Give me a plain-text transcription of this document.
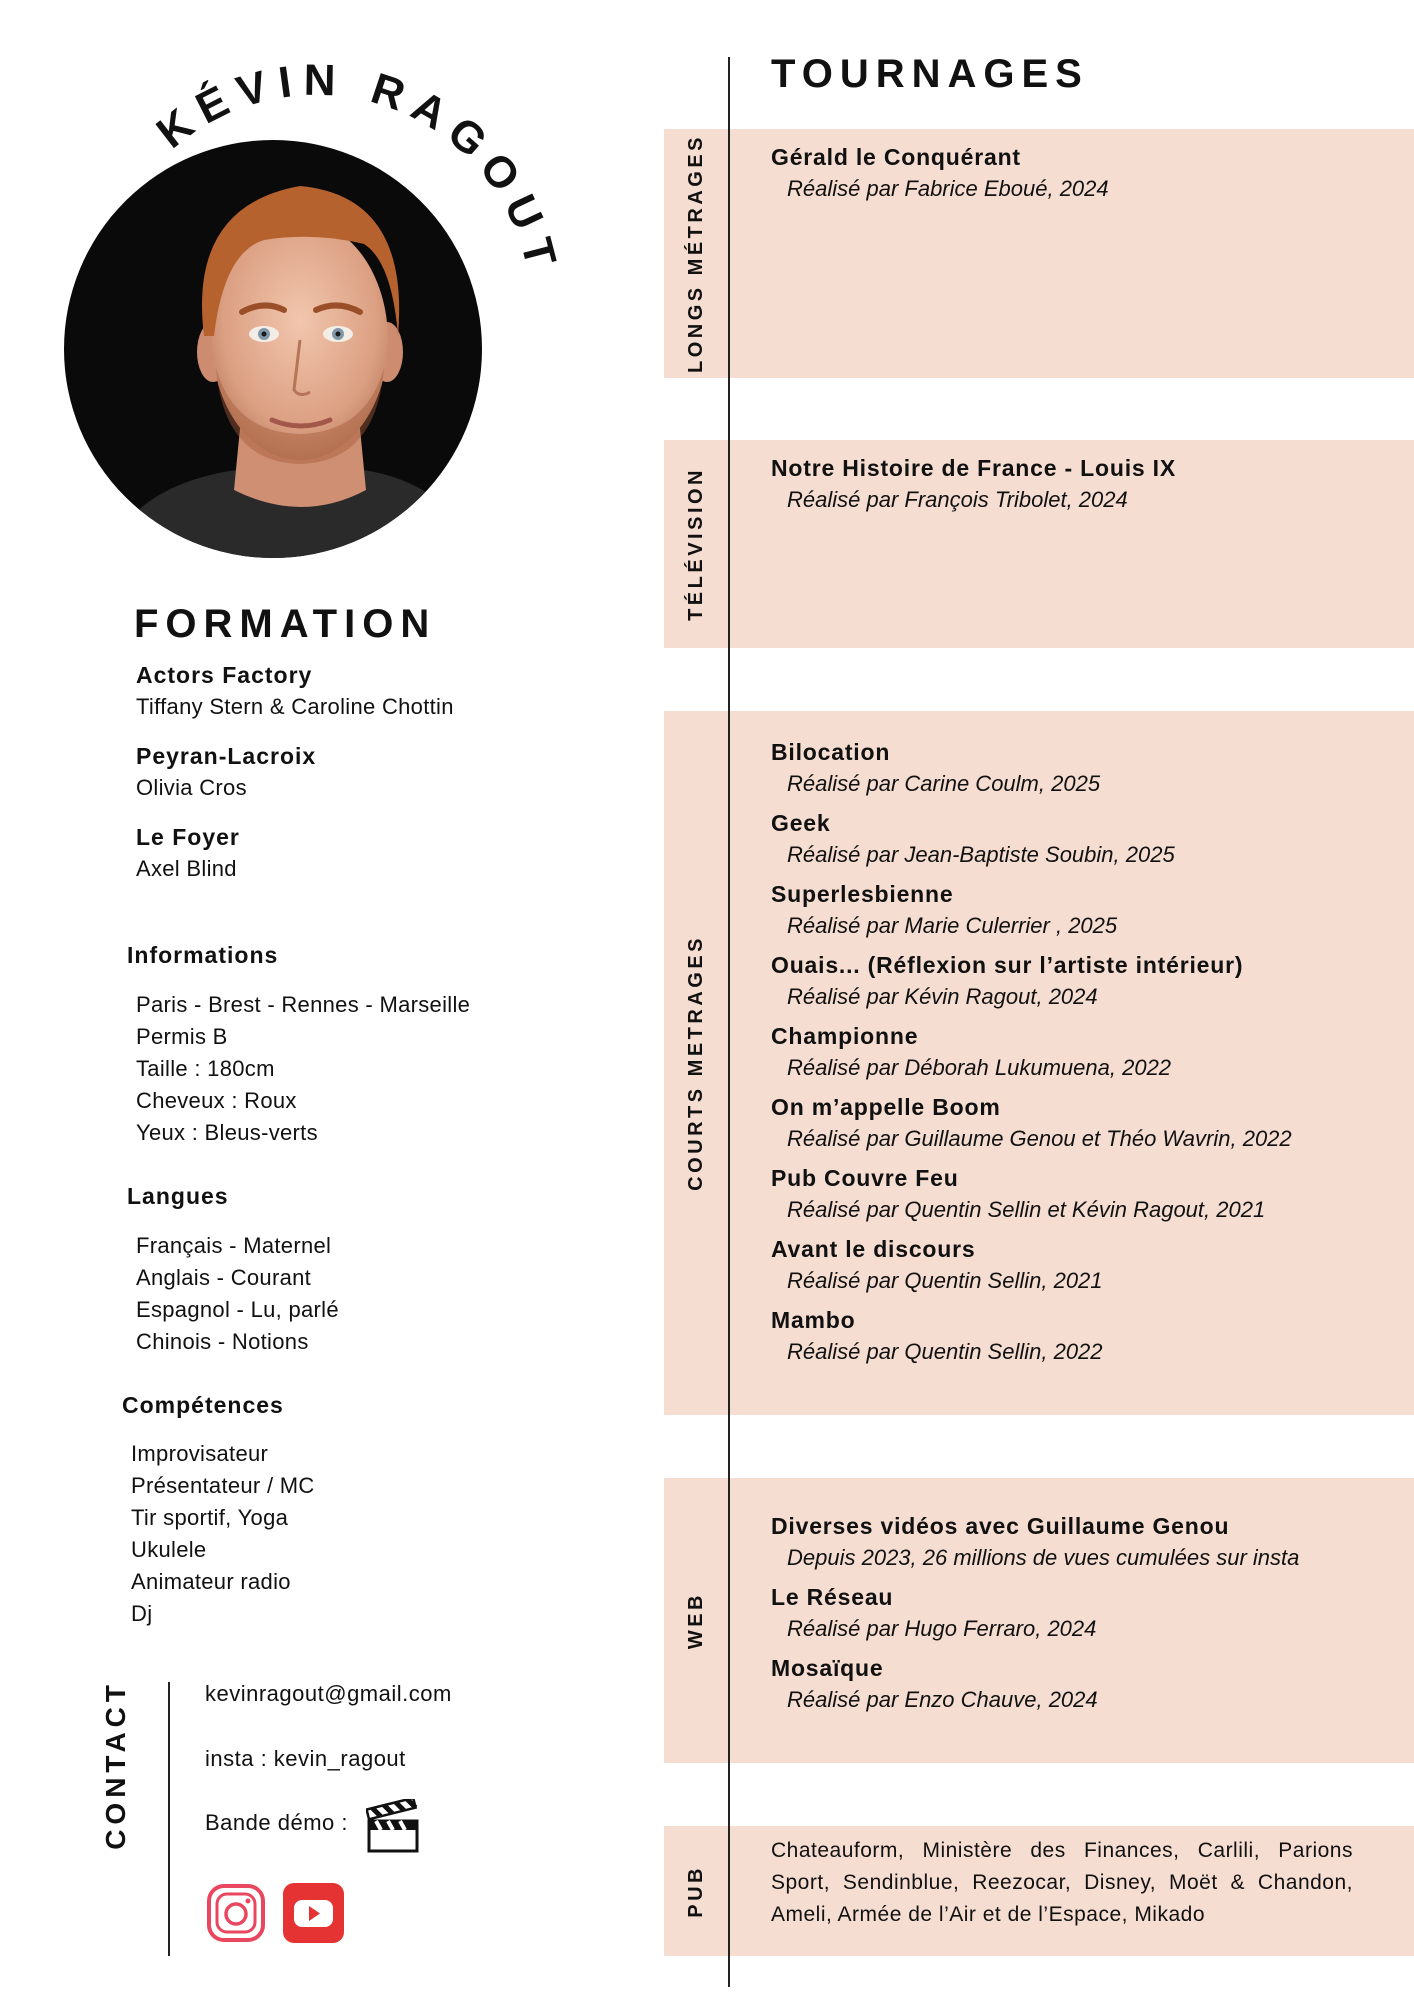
KÉVIN RAGOUT
FORMATION
Actors Factory
Tiffany Stern & Caroline Chottin
Peyran-Lacroix
Olivia Cros
Le Foyer
Axel Blind
Informations
Paris - Brest - Rennes - Marseille
Permis B
Taille : 180cm
Cheveux : Roux
Yeux : Bleus-verts
Langues
Français - Maternel
Anglais - Courant
Espagnol - Lu, parlé
Chinois - Notions
Compétences
Improvisateur
Présentateur / MC
Tir sportif, Yoga
Ukulele
Animateur radio
Dj
CONTACT	kevinragout@gmail.com
insta : kevin_ragout
Bande démo :
TOURNAGES
LONGS MÉTRAGES	Gérald le Conquérant
Réalisé par Fabrice Eboué, 2024
TÉLÉVISION	Notre Histoire de France - Louis IX
Réalisé par François Tribolet, 2024
COURTS METRAGES
Bilocation
Réalisé par Carine Coulm, 2025
Geek
Réalisé par Jean-Baptiste Soubin, 2025
Superlesbienne
Réalisé par Marie Culerrier , 2025
Ouais... (Réflexion sur l’artiste intérieur)
Réalisé par Kévin Ragout, 2024
Championne
Réalisé par Déborah Lukumuena, 2022
On m’appelle Boom
Réalisé par Guillaume Genou et Théo Wavrin, 2022
Pub Couvre Feu
Réalisé par Quentin Sellin et Kévin Ragout, 2021
Avant le discours
Réalisé par Quentin Sellin, 2021
Mambo
Réalisé par Quentin Sellin, 2022
WEB
Diverses vidéos avec Guillaume Genou
Depuis 2023, 26 millions de vues cumulées sur insta
Le Réseau
Réalisé par Hugo Ferraro, 2024
Mosaïque
Réalisé par Enzo Chauve, 2024
PUB
Chateauform, Ministère des Finances, Carlili, Parions Sport, Sendinblue, Reezocar, Disney, Moët & Chandon, Ameli, Armée de l’Air et de l’Espace, Mikado
